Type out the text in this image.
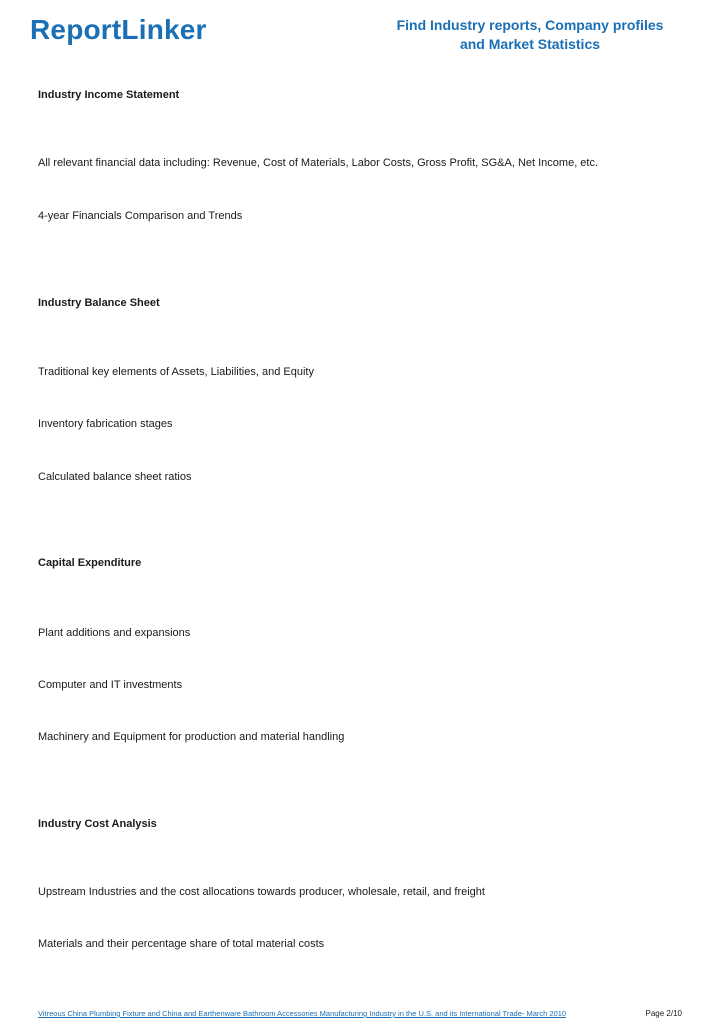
ReportLinker	Find Industry reports, Company profiles
and Market Statistics
Industry Income Statement
All relevant financial data including: Revenue, Cost of Materials, Labor Costs, Gross Profit, SG&A, Net Income, etc.
4-year Financials Comparison and Trends
Industry Balance Sheet
Traditional key elements of Assets, Liabilities, and Equity
Inventory fabrication stages
Calculated balance sheet ratios
Capital Expenditure
Plant additions and expansions
Computer and IT investments
Machinery and Equipment for production and material handling
Industry Cost Analysis
Upstream Industries and the cost allocations towards producer, wholesale, retail, and freight
Materials and their percentage share of total material costs
Vitreous China Plumbing Fixture and China and Earthenware Bathroom Accessories Manufacturing Industry in the U.S. and its International Trade- March 2010	Page 2/10
